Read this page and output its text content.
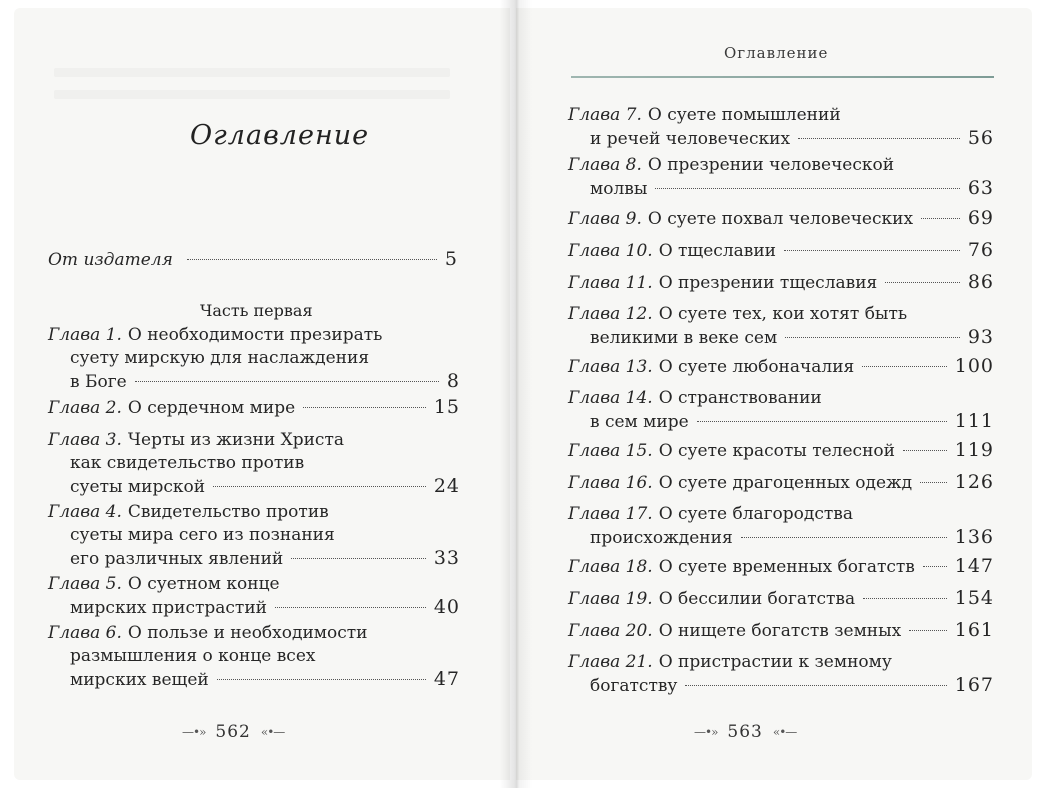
Оглавление
От издателя	5
Часть первая
Глава 1. О необходимости презирать
суету мирскую для наслаждения
в Боге	8
Глава 2. О сердечном мире	15
Глава 3. Черты из жизни Христа
как свидетельство против
суеты мирской	24
Глава 4. Свидетельство против
суеты мира сего из познания
его различных явлений	33
Глава 5. О суетном конце
мирских пристрастий	40
Глава 6. О пользе и необходимости
размышления о конце всех
мирских вещей	47
—•» 562 «•—
Оглавление
Глава 7. О суете помышлений
и речей человеческих	56
Глава 8. О презрении человеческой
молвы	63
Глава 9. О суете похвал человеческих	69
Глава 10. О тщеславии	76
Глава 11. О презрении тщеславия	86
Глава 12. О суете тех, кои хотят быть
великими в веке сем	93
Глава 13. О суете любоначалия	100
Глава 14. О странствовании
в сем мире	111
Глава 15. О суете красоты телесной	119
Глава 16. О суете драгоценных одежд 126
Глава 17. О суете благородства
происхождения	136
Глава 18. О суете временных богатств 147
Глава 19. О бессилии богатства	154
Глава 20. О нищете богатств земных	161
Глава 21. О пристрастии к земному
богатству	167
—•» 563 «•—
